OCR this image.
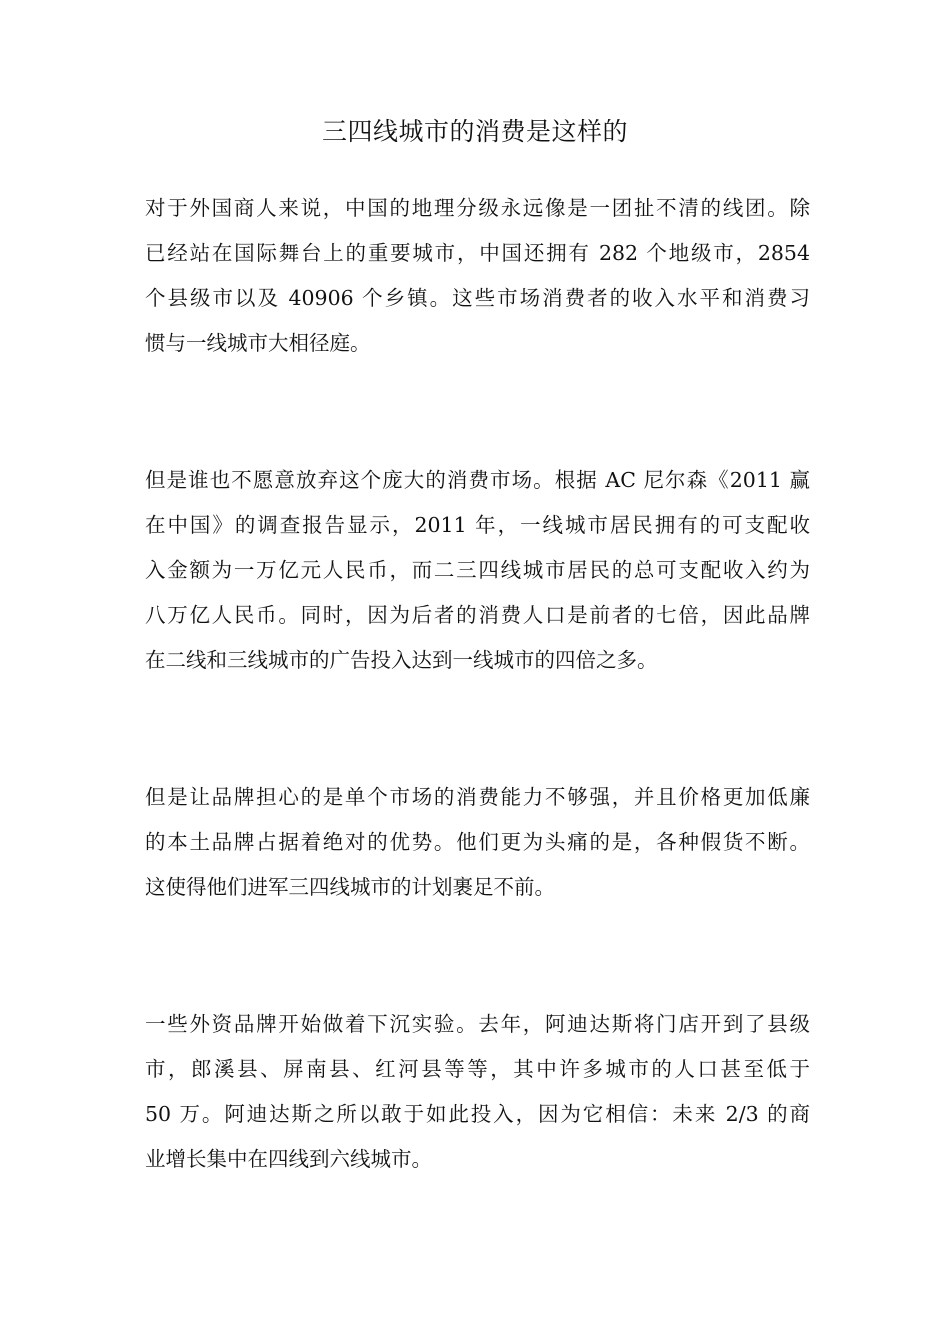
三四线城市的消费是这样的

对于外国商人来说，中国的地理分级永远像是一团扯不清的线团。除
已经站在国际舞台上的重要城市，中国还拥有 282 个地级市，2854
个县级市以及 40906 个乡镇。这些市场消费者的收入水平和消费习
惯与一线城市大相径庭。

但是谁也不愿意放弃这个庞大的消费市场。根据 AC 尼尔森《2011 赢
在中国》的调查报告显示，2011 年，一线城市居民拥有的可支配收
入金额为一万亿元人民币，而二三四线城市居民的总可支配收入约为
八万亿人民币。同时，因为后者的消费人口是前者的七倍，因此品牌
在二线和三线城市的广告投入达到一线城市的四倍之多。

但是让品牌担心的是单个市场的消费能力不够强，并且价格更加低廉
的本土品牌占据着绝对的优势。他们更为头痛的是，各种假货不断。
这使得他们进军三四线城市的计划裹足不前。

一些外资品牌开始做着下沉实验。去年，阿迪达斯将门店开到了县级
市，郎溪县、屏南县、红河县等等，其中许多城市的人口甚至低于
50 万。阿迪达斯之所以敢于如此投入，因为它相信：未来 2/3 的商
业增长集中在四线到六线城市。
